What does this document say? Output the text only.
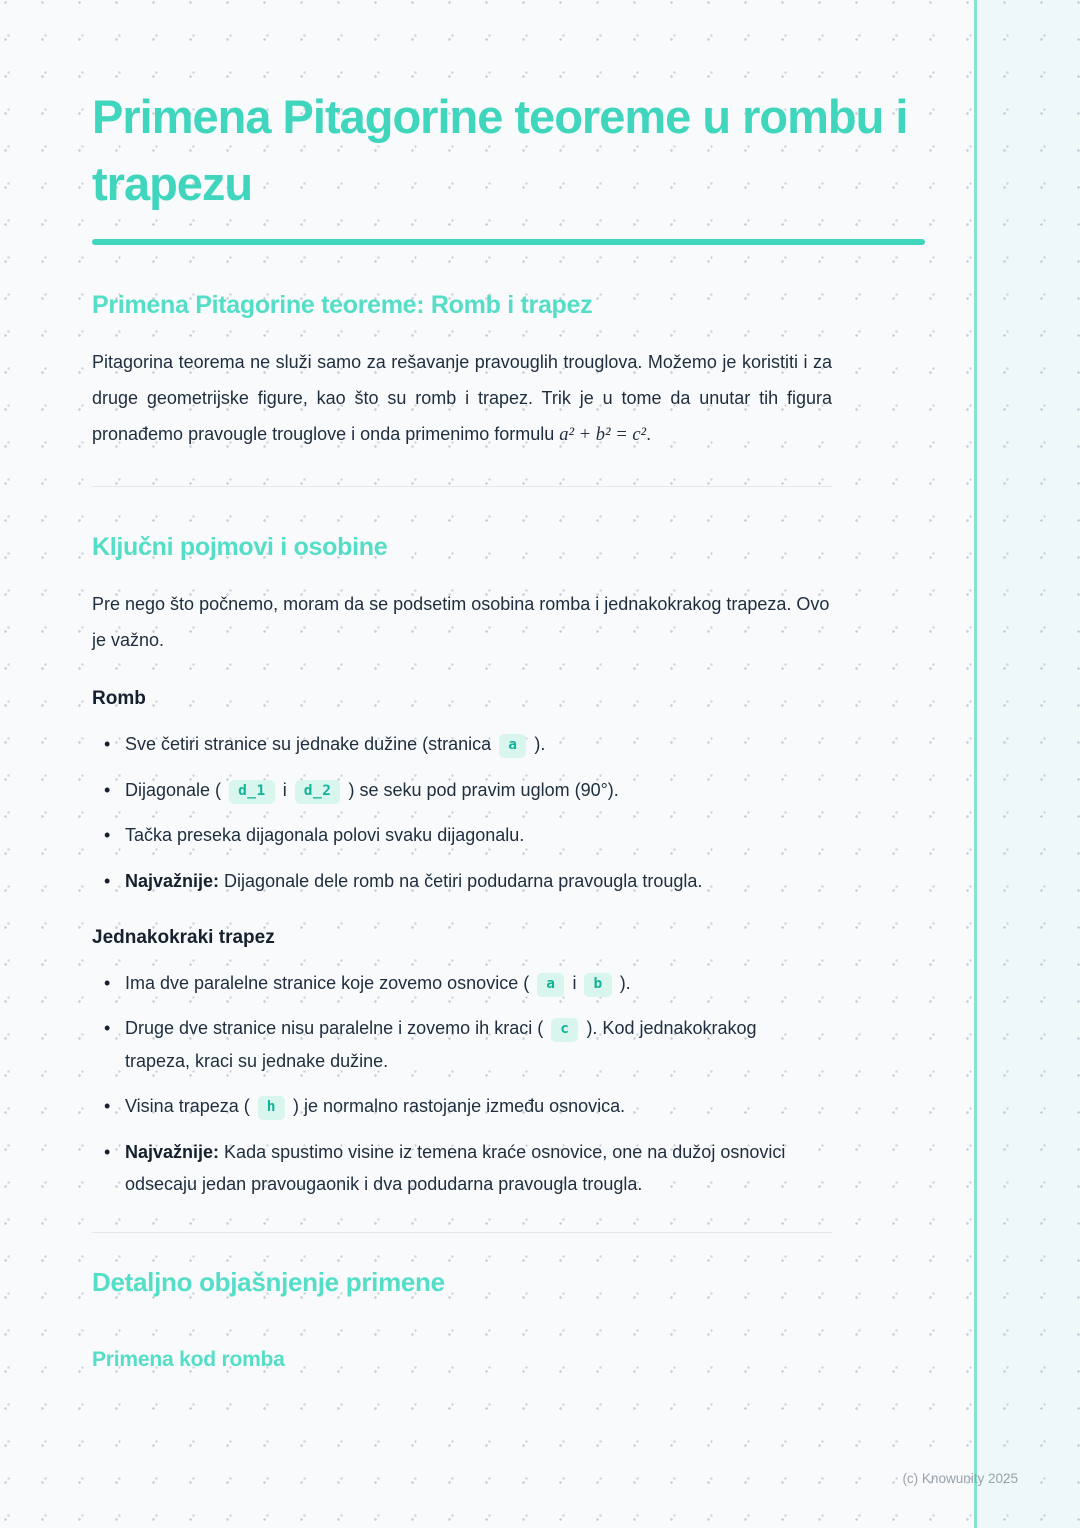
Primena Pitagorine teoreme u rombu i trapezu
Primena Pitagorine teoreme: Romb i trapez

Pitagorina teorema ne služi samo za rešavanje pravouglih trouglova. Možemo je koristiti i za druge geometrijske figure, kao što su romb i trapez. Trik je u tome da unutar tih figura pronađemo pravougle trouglove i onda primenimo formulu a² + b² = c².

Ključni pojmovi i osobine

Pre nego što počnemo, moram da se podsetim osobina romba i jednakokrakog trapeza. Ovo je važno.

Romb
• Sve četiri stranice su jednake dužine (stranica a ).
• Dijagonale ( d_1 i d_2 ) se seku pod pravim uglom (90°).
• Tačka preseka dijagonala polovi svaku dijagonalu.
• Najvažnije: Dijagonale dele romb na četiri podudarna pravougla trougla.
Jednakokraki trapez
• Ima dve paralelne stranice koje zovemo osnovice ( a i b ).
• Druge dve stranice nisu paralelne i zovemo ih kraci ( c ). Kod jednakokrakog trapeza, kraci su jednake dužine.
• Visina trapeza ( h ) je normalno rastojanje između osnovica.
• Najvažnije: Kada spustimo visine iz temena kraće osnovice, one na dužoj osnovici odsecaju jedan pravougaonik i dva podudarna pravougla trougla.
Detaljno objašnjenje primene
Primena kod romba
(c) Knowunity 2025
